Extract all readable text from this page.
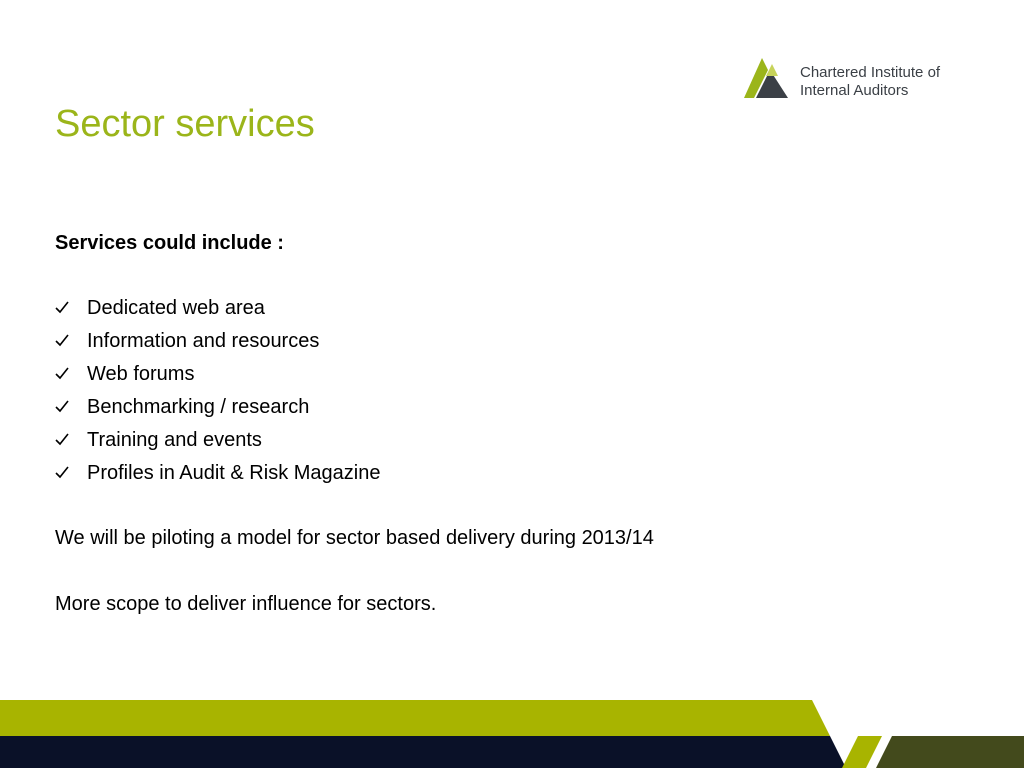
Sector services
Chartered Institute of
Internal Auditors
Services could include :
Dedicated web area
Information and resources
Web forums
Benchmarking / research
Training and events
Profiles in Audit & Risk Magazine
We will be piloting a model for sector based delivery during 2013/14
More scope to deliver influence for sectors.
